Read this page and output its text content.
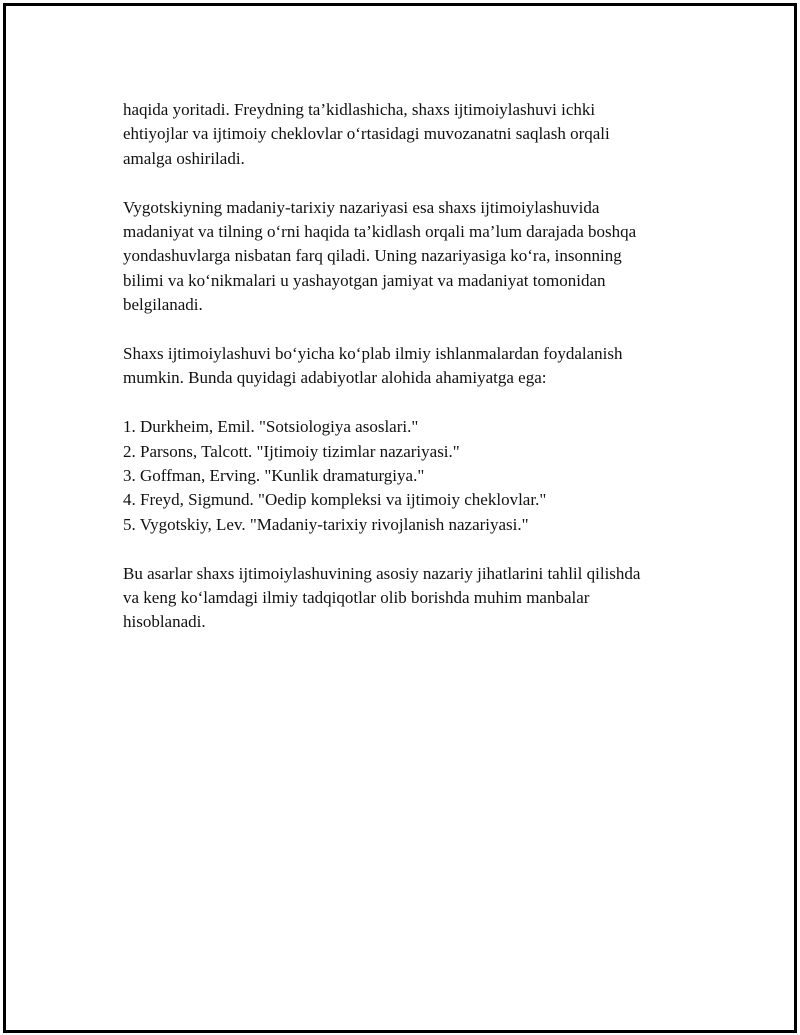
haqida yoritadi. Freydning ta’kidlashicha, shaxs ijtimoiylashuvi ichki
ehtiyojlar va ijtimoiy cheklovlar o‘rtasidagi muvozanatni saqlash orqali
amalga oshiriladi.

Vygotskiyning madaniy-tarixiy nazariyasi esa shaxs ijtimoiylashuvida
madaniyat va tilning o‘rni haqida ta’kidlash orqali ma’lum darajada boshqa
yondashuvlarga nisbatan farq qiladi. Uning nazariyasiga ko‘ra, insonning
bilimi va ko‘nikmalari u yashayotgan jamiyat va madaniyat tomonidan
belgilanadi.

Shaxs ijtimoiylashuvi bo‘yicha ko‘plab ilmiy ishlanmalardan foydalanish
mumkin. Bunda quyidagi adabiyotlar alohida ahamiyatga ega:

1. Durkheim, Emil. "Sotsiologiya asoslari."
2. Parsons, Talcott. "Ijtimoiy tizimlar nazariyasi."
3. Goffman, Erving. "Kunlik dramaturgiya."
4. Freyd, Sigmund. "Oedip kompleksi va ijtimoiy cheklovlar."
5. Vygotskiy, Lev. "Madaniy-tarixiy rivojlanish nazariyasi."

Bu asarlar shaxs ijtimoiylashuvining asosiy nazariy jihatlarini tahlil qilishda
va keng ko‘lamdagi ilmiy tadqiqotlar olib borishda muhim manbalar
hisoblanadi.
